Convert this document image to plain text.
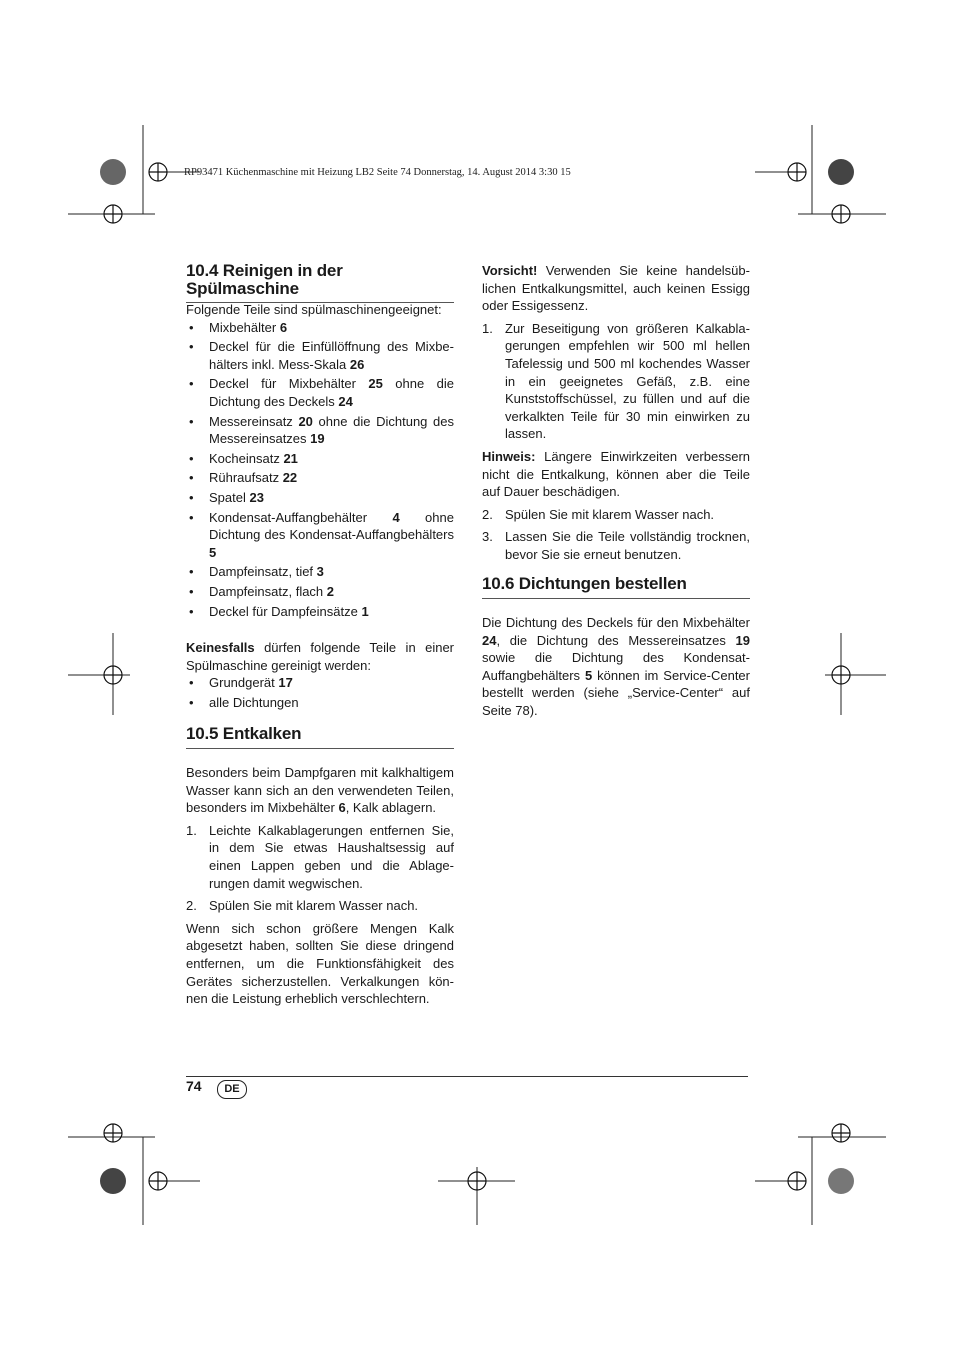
RP93471 Küchenmaschine mit Heizung LB2 Seite 74 Donnerstag, 14. August 2014 3:30 15
10.4 Reinigen in der Spülmaschine

Folgende Teile sind spülmaschinengeeignet:

• Mixbehälter 6
• Deckel für die Einfüllöffnung des Mixbehälters inkl. Mess-Skala 26
• Deckel für Mixbehälter 25 ohne die Dichtung des Deckels 24
• Messereinsatz 20 ohne die Dichtung des Messereinsatzes 19
• Kocheinsatz 21
• Rühraufsatz 22
• Spatel 23
• Kondensat-Auffangbehälter 4 ohne Dichtung des Kondensat-Auffangbehälters 5
• Dampfeinsatz, tief 3
• Dampfeinsatz, flach 2
• Deckel für Dampfeinsätze 1

Keinesfalls dürfen folgende Teile in einer Spülmaschine gereinigt werden:

• Grundgerät 17
• alle Dichtungen
10.5 Entkalken

Besonders beim Dampfgaren mit kalkhaltigem Wasser kann sich an den verwendeten Teilen, besonders im Mixbehälter 6, Kalk ablagern.

1. Leichte Kalkablagerungen entfernen Sie, in dem Sie etwas Haushaltsessig auf einen Lappen geben und die Ablagerungen damit wegwischen.
2. Spülen Sie mit klarem Wasser nach.

Wenn sich schon größere Mengen Kalk abgesetzt haben, sollten Sie diese dringend entfernen, um die Funktionsfähigkeit des Gerätes sicherzustellen. Verkalkungen können die Leistung erheblich verschlechtern.

Vorsicht! Verwenden Sie keine handelsüblichen Entkalkungsmittel, auch keinen Essigg oder Essigessenz.

1. Zur Beseitigung von größeren Kalkablagerungen empfehlen wir 500 ml hellen Tafelessig und 500 ml kochendes Wasser in ein geeignetes Gefäß, z.B. eine Kunststoffschüssel, zu füllen und auf die verkalkten Teile für 30 min einwirken zu lassen.

Hinweis: Längere Einwirkzeiten verbessern nicht die Entkalkung, können aber die Teile auf Dauer beschädigen.

2. Spülen Sie mit klarem Wasser nach.
3. Lassen Sie die Teile vollständig trocknen, bevor Sie sie erneut benutzen.
10.6 Dichtungen bestellen

Die Dichtung des Deckels für den Mixbehälter 24, die Dichtung des Messereinsatzes 19 sowie die Dichtung des Kondensat-Auffangbehälters 5 können im Service-Center bestellt werden (siehe „Service-Center“ auf Seite 78).

74	DE
